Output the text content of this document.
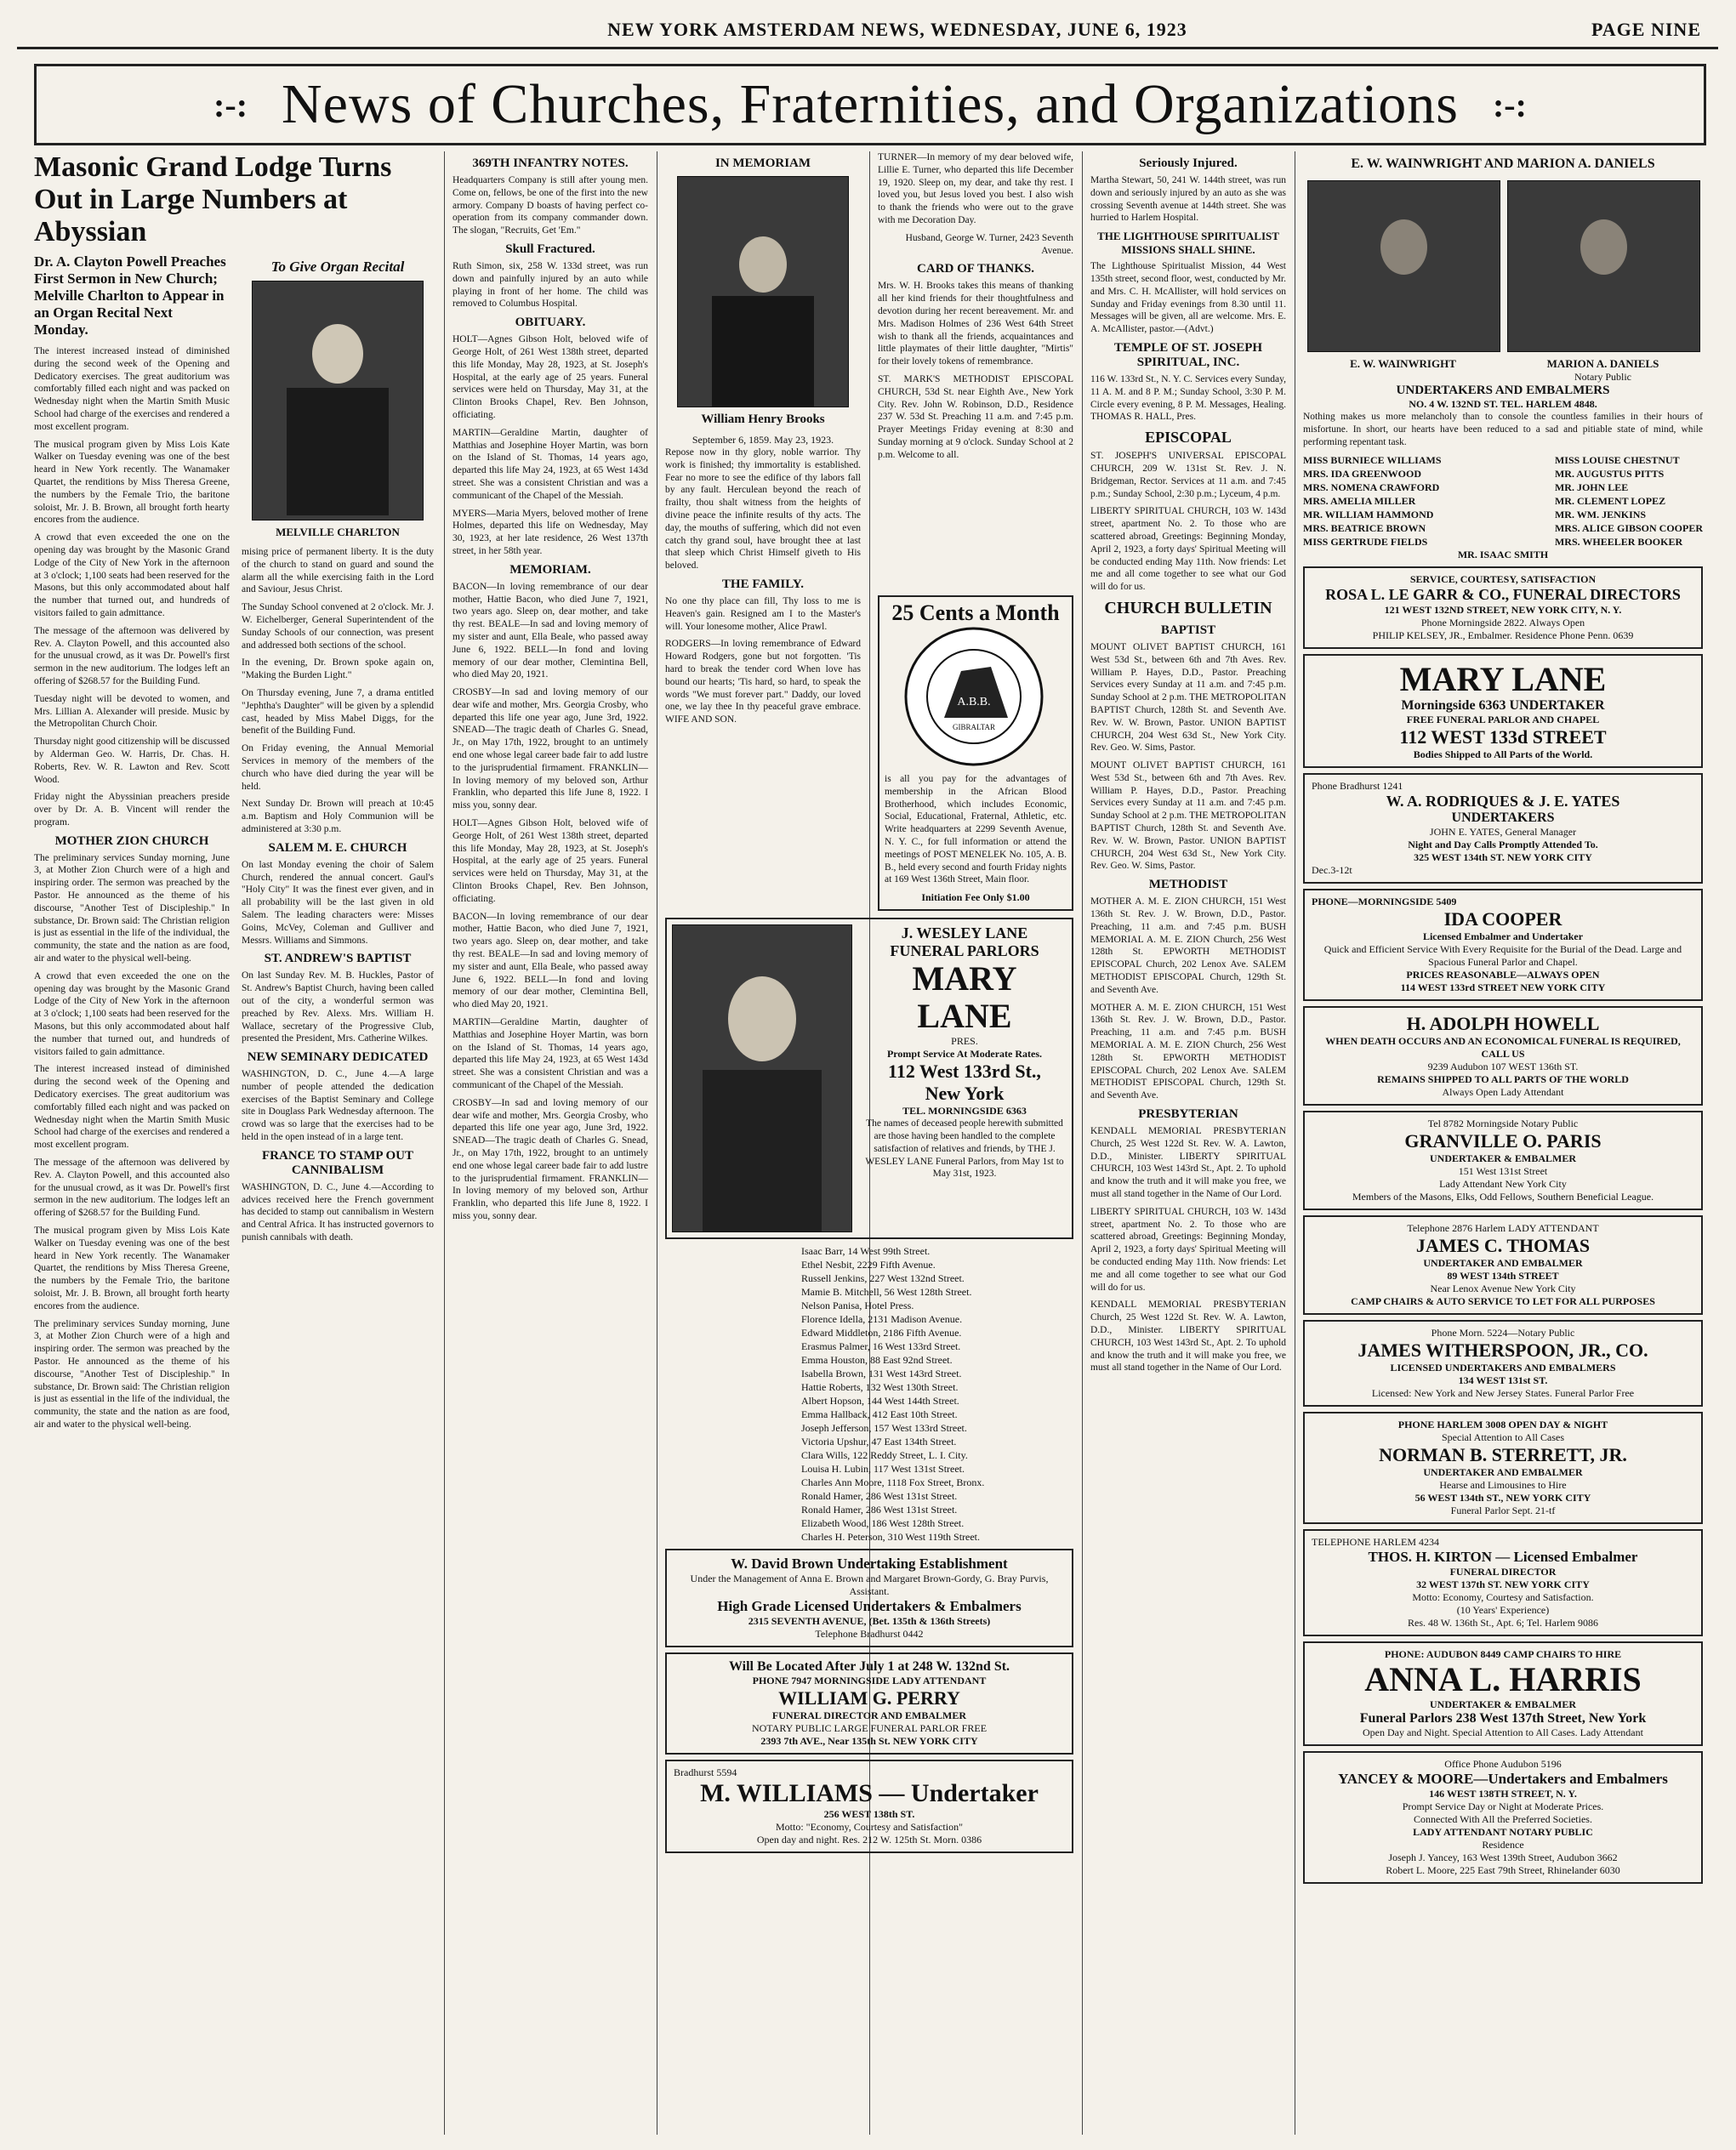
NEW YORK AMSTERDAM NEWS, WEDNESDAY, JUNE 6, 1923	PAGE NINE
:-: News of Churches, Fraternities, and Organizations :-:
Masonic Grand Lodge Turns Out in Large Numbers at Abyssian
Dr. A. Clayton Powell Preaches First Sermon in New Church; Melville Charlton to Appear in an Organ Recital Next Monday.

The interest increased instead of diminished during the second week of the Opening and Dedicatory exercises. The great auditorium was comfortably filled each night and was packed on Wednesday night when the Martin Smith Music School had charge of the exercises and rendered a most excellent program.

The musical program given by Miss Lois Kate Walker on Tuesday evening was one of the best heard in New York recently. The Wanamaker Quartet, the renditions by Miss Theresa Greene, the numbers by the Female Trio, the baritone soloist, Mr. J. B. Brown, all brought forth hearty encores from the audience.

A crowd that even exceeded the one on the opening day was brought by the Masonic Grand Lodge of the City of New York in the afternoon at 3 o'clock; 1,100 seats had been reserved for the Masons, but this only accommodated about half the number that turned out, and hundreds of visitors failed to gain admittance.

The message of the afternoon was delivered by Rev. A. Clayton Powell, and this accounted also for the unusual crowd, as it was Dr. Powell's first sermon in the new auditorium. The lodges left an offering of $268.57 for the Building Fund.

Tuesday night will be devoted to women, and Mrs. Lillian A. Alexander will preside. Music by the Metropolitan Church Choir.

Thursday night good citizenship will be discussed by Alderman Geo. W. Harris, Dr. Chas. H. Roberts, Rev. W. R. Lawton and Rev. Scott Wood.

Friday night the Abyssinian preachers preside over by Dr. A. B. Vincent will render the program.

MOTHER ZION CHURCH

The preliminary services Sunday morning, June 3, at Mother Zion Church were of a high and inspiring order. The sermon was preached by the Pastor. He announced as the theme of his discourse, "Another Test of Discipleship." In substance, Dr. Brown said: The Christian religion is just as essential in the life of the individual, the community, the state and the nation as are food, air and water to the physical well-being.

A crowd that even exceeded the one on the opening day was brought by the Masonic Grand Lodge of the City of New York in the afternoon at 3 o'clock; 1,100 seats had been reserved for the Masons, but this only accommodated about half the number that turned out, and hundreds of visitors failed to gain admittance.

The interest increased instead of diminished during the second week of the Opening and Dedicatory exercises. The great auditorium was comfortably filled each night and was packed on Wednesday night when the Martin Smith Music School had charge of the exercises and rendered a most excellent program.

The message of the afternoon was delivered by Rev. A. Clayton Powell, and this accounted also for the unusual crowd, as it was Dr. Powell's first sermon in the new auditorium. The lodges left an offering of $268.57 for the Building Fund.

The musical program given by Miss Lois Kate Walker on Tuesday evening was one of the best heard in New York recently. The Wanamaker Quartet, the renditions by Miss Theresa Greene, the numbers by the Female Trio, the baritone soloist, Mr. J. B. Brown, all brought forth hearty encores from the audience.

The preliminary services Sunday morning, June 3, at Mother Zion Church were of a high and inspiring order. The sermon was preached by the Pastor. He announced as the theme of his discourse, "Another Test of Discipleship." In substance, Dr. Brown said: The Christian religion is just as essential in the life of the individual, the community, the state and the nation as are food, air and water to the physical well-being.

To Give Organ Recital
MELVILLE CHARLTON

mising price of permanent liberty. It is the duty of the church to stand on guard and sound the alarm all the while exercising faith in the Lord and Saviour, Jesus Christ.

The Sunday School convened at 2 o'clock. Mr. J. W. Eichelberger, General Superintendent of the Sunday Schools of our connection, was present and addressed both sections of the school.

In the evening, Dr. Brown spoke again on, "Making the Burden Light."

On Thursday evening, June 7, a drama entitled "Jephtha's Daughter" will be given by a splendid cast, headed by Miss Mabel Diggs, for the benefit of the Building Fund.

On Friday evening, the Annual Memorial Services in memory of the members of the church who have died during the year will be held.

Next Sunday Dr. Brown will preach at 10:45 a.m. Baptism and Holy Communion will be administered at 3:30 p.m.

SALEM M. E. CHURCH

On last Monday evening the choir of Salem Church, rendered the annual concert. Gaul's "Holy City" It was the finest ever given, and in all probability will be the last given in old Salem. The leading characters were: Misses Goins, McVey, Coleman and Gulliver and Messrs. Williams and Simmons.

ST. ANDREW'S BAPTIST

On last Sunday Rev. M. B. Huckles, Pastor of St. Andrew's Baptist Church, having been called out of the city, a wonderful sermon was preached by Rev. Alexs. Mrs. William H. Wallace, secretary of the Progressive Club, presented the President, Mrs. Catherine Wilkes.

NEW SEMINARY DEDICATED

WASHINGTON, D. C., June 4.—A large number of people attended the dedication exercises of the Baptist Seminary and College site in Douglass Park Wednesday afternoon. The crowd was so large that the exercises had to be held in the open instead of in a large tent.

FRANCE TO STAMP OUT CANNIBALISM

WASHINGTON, D. C., June 4.—According to advices received here the French government has decided to stamp out cannibalism in Western and Central Africa. It has instructed governors to punish cannibals with death.

369TH INFANTRY NOTES.

Headquarters Company is still after young men. Come on, fellows, be one of the first into the new armory. Company D boasts of having perfect co-operation from its company commander down. The slogan, "Recruits, Get 'Em."

Skull Fractured.

Ruth Simon, six, 258 W. 133d street, was run down and painfully injured by an auto while playing in front of her home. The child was removed to Columbus Hospital.

OBITUARY.

HOLT—Agnes Gibson Holt, beloved wife of George Holt, of 261 West 138th street, departed this life Monday, May 28, 1923, at St. Joseph's Hospital, at the early age of 25 years. Funeral services were held on Thursday, May 31, at the Clinton Brooks Chapel, Rev. Ben Johnson, officiating.

MARTIN—Geraldine Martin, daughter of Matthias and Josephine Hoyer Martin, was born on the Island of St. Thomas, 14 years ago, departed this life May 24, 1923, at 65 West 143d street. She was a consistent Christian and was a communicant of the Chapel of the Messiah.

MYERS—Maria Myers, beloved mother of Irene Holmes, departed this life on Wednesday, May 30, 1923, at her late residence, 26 West 137th street, in her 58th year.

MEMORIAM.

BACON—In loving remembrance of our dear mother, Hattie Bacon, who died June 7, 1921, two years ago. Sleep on, dear mother, and take thy rest. BEALE—In sad and loving memory of my sister and aunt, Ella Beale, who passed away June 6, 1922. BELL—In fond and loving memory of our dear mother, Clemintina Bell, who died May 20, 1921.

CROSBY—In sad and loving memory of our dear wife and mother, Mrs. Georgia Crosby, who departed this life one year ago, June 3rd, 1922. SNEAD—The tragic death of Charles G. Snead, Jr., on May 17th, 1922, brought to an untimely end one whose legal career bade fair to add lustre to the jurisprudential firmament. FRANKLIN—In loving memory of my beloved son, Arthur Franklin, who departed this life June 8, 1922. I miss you, sonny dear.

HOLT—Agnes Gibson Holt, beloved wife of George Holt, of 261 West 138th street, departed this life Monday, May 28, 1923, at St. Joseph's Hospital, at the early age of 25 years. Funeral services were held on Thursday, May 31, at the Clinton Brooks Chapel, Rev. Ben Johnson, officiating.

BACON—In loving remembrance of our dear mother, Hattie Bacon, who died June 7, 1921, two years ago. Sleep on, dear mother, and take thy rest. BEALE—In sad and loving memory of my sister and aunt, Ella Beale, who passed away June 6, 1922. BELL—In fond and loving memory of our dear mother, Clemintina Bell, who died May 20, 1921.

MARTIN—Geraldine Martin, daughter of Matthias and Josephine Hoyer Martin, was born on the Island of St. Thomas, 14 years ago, departed this life May 24, 1923, at 65 West 143d street. She was a consistent Christian and was a communicant of the Chapel of the Messiah.

CROSBY—In sad and loving memory of our dear wife and mother, Mrs. Georgia Crosby, who departed this life one year ago, June 3rd, 1922. SNEAD—The tragic death of Charles G. Snead, Jr., on May 17th, 1922, brought to an untimely end one whose legal career bade fair to add lustre to the jurisprudential firmament. FRANKLIN—In loving memory of my beloved son, Arthur Franklin, who departed this life June 8, 1922. I miss you, sonny dear.

IN MEMORIAM
William Henry Brooks
September 6, 1859. May 23, 1923.

Repose now in thy glory, noble warrior. Thy work is finished; thy immortality is established. Fear no more to see the edifice of thy labors fall by any fault. Herculean beyond the reach of frailty, thou shalt witness from the heights of divine peace the infinite results of thy acts. The day, the mouths of suffering, which did not even catch thy grand soul, have brought thee at last that sleep which Christ Himself giveth to His beloved.

THE FAMILY.

TURNER—In memory of my dear beloved wife, Lillie E. Turner, who departed this life December 19, 1920. Sleep on, my dear, and take thy rest. I loved you, but Jesus loved you best. I also wish to thank the friends who were out to the grave with me Decoration Day.

Husband, George W. Turner, 2423 Seventh Avenue.

CARD OF THANKS.

Mrs. W. H. Brooks takes this means of thanking all her kind friends for their thoughtfulness and devotion during her recent bereavement. Mr. and Mrs. Madison Holmes of 236 West 64th Street wish to thank all the friends, acquaintances and little playmates of their little daughter, "Mirtis" for their lovely tokens of remembrance.

ST. MARK'S METHODIST EPISCOPAL CHURCH, 53d St. near Eighth Ave., New York City. Rev. John W. Robinson, D.D., Residence 237 W. 53d St. Preaching 11 a.m. and 7:45 p.m. Prayer Meetings Friday evening at 8:30 and Sunday morning at 9 o'clock. Sunday School at 2 p.m. Welcome to all.

No one thy place can fill, Thy loss to me is Heaven's gain. Resigned am I to the Master's will. Your lonesome mother, Alice Prawl.

RODGERS—In loving remembrance of Edward Howard Rodgers, gone but not forgotten. 'Tis hard to break the tender cord When love has bound our hearts; 'Tis hard, so hard, to speak the words "We must forever part." Daddy, our loved one, we lay thee In thy peaceful grave embrace. WIFE AND SON.

25 Cents a Month
A.B.B.
GIBRALTAR

is all you pay for the advantages of membership in the African Blood Brotherhood, which includes Economic, Social, Educational, Fraternal, Athletic, etc. Write headquarters at 2299 Seventh Avenue, N. Y. C., for full information or attend the meetings of POST MENELEK No. 105, A. B. B., held every second and fourth Friday nights at 169 West 136th Street, Main floor.

Initiation Fee Only $1.00
J. WESLEY LANE
FUNERAL PARLORS
MARY LANE
PRES.
Prompt Service At Moderate Rates.
112 West 133rd St.,
New York
TEL. MORNINGSIDE 6363

The names of deceased people herewith submitted are those having been handled to the complete satisfaction of relatives and friends, by THE J. WESLEY LANE Funeral Parlors, from May 1st to May 31st, 1923.

Isaac Barr, 14 West 99th Street.
Ethel Nesbit, 2229 Fifth Avenue.
Russell Jenkins, 227 West 132nd Street.
Mamie B. Mitchell, 56 West 128th Street.
Nelson Panisa, Hotel Press.
Florence Idella, 2131 Madison Avenue.
Edward Middleton, 2186 Fifth Avenue.
Erasmus Palmer, 16 West 133rd Street.
Emma Houston, 88 East 92nd Street.
Isabella Brown, 131 West 143rd Street.
Hattie Roberts, 132 West 130th Street.
Albert Hopson, 144 West 144th Street.
Emma Hallback, 412 East 10th Street.
Joseph Jefferson, 157 West 133rd Street.
Victoria Upshur, 47 East 134th Street.
Clara Wills, 122 Reddy Street, L. I. City.
Louisa H. Lubin, 117 West 131st Street.
Charles Ann Moore, 1118 Fox Street, Bronx.
Ronald Hamer, 286 West 131st Street.
Ronald Hamer, 286 West 131st Street.
Elizabeth Wood, 186 West 128th Street.
Charles H. Peterson, 310 West 119th Street.
W. David Brown Undertaking Establishment
Under the Management of Anna E. Brown and Margaret Brown-Gordy, G. Bray Purvis, Assistant.
High Grade Licensed Undertakers & Embalmers
2315 SEVENTH AVENUE, (Bet. 135th & 136th Streets)
Telephone Bradhurst 0442
Will Be Located After July 1 at 248 W. 132nd St.
PHONE 7947 MORNINGSIDE LADY ATTENDANT
WILLIAM G. PERRY
FUNERAL DIRECTOR AND EMBALMER
NOTARY PUBLIC LARGE FUNERAL PARLOR FREE
2393 7th AVE., Near 135th St. NEW YORK CITY
Bradhurst 5594
M. WILLIAMS — Undertaker
256 WEST 138th ST.
Motto: "Economy, Courtesy and Satisfaction"
Open day and night. Res. 212 W. 125th St. Morn. 0386
Seriously Injured.

Martha Stewart, 50, 241 W. 144th street, was run down and seriously injured by an auto as she was crossing Seventh avenue at 144th street. She was hurried to Harlem Hospital.

THE LIGHTHOUSE SPIRITUALIST MISSIONS SHALL SHINE.

The Lighthouse Spiritualist Mission, 44 West 135th street, second floor, west, conducted by Mr. and Mrs. C. H. McAllister, will hold services on Sunday and Friday evenings from 8.30 until 11. Messages will be given, all are welcome. Mrs. E. A. McAllister, pastor.—(Advt.)

TEMPLE OF ST. JOSEPH SPIRITUAL, INC.

116 W. 133rd St., N. Y. C. Services every Sunday, 11 A. M. and 8 P. M.; Sunday School, 3:30 P. M. Circle every evening, 8 P. M. Messages, Healing. THOMAS R. HALL, Pres.

EPISCOPAL

ST. JOSEPH'S UNIVERSAL EPISCOPAL CHURCH, 209 W. 131st St. Rev. J. N. Bridgeman, Rector. Services at 11 a.m. and 7:45 p.m.; Sunday School, 2:30 p.m.; Lyceum, 4 p.m.

LIBERTY SPIRITUAL CHURCH, 103 W. 143d street, apartment No. 2. To those who are scattered abroad, Greetings: Beginning Monday, April 2, 1923, a forty days' Spiritual Meeting will be conducted ending May 11th. Now friends: Let me and all come together to see what our God will do for us.

CHURCH BULLETIN
BAPTIST

MOUNT OLIVET BAPTIST CHURCH, 161 West 53d St., between 6th and 7th Aves. Rev. William P. Hayes, D.D., Pastor. Preaching Services every Sunday at 11 a.m. and 7:45 p.m. Sunday School at 2 p.m. THE METROPOLITAN BAPTIST Church, 128th St. and Seventh Ave. Rev. W. W. Brown, Pastor. UNION BAPTIST CHURCH, 204 West 63d St., New York City. Rev. Geo. W. Sims, Pastor.

MOUNT OLIVET BAPTIST CHURCH, 161 West 53d St., between 6th and 7th Aves. Rev. William P. Hayes, D.D., Pastor. Preaching Services every Sunday at 11 a.m. and 7:45 p.m. Sunday School at 2 p.m. THE METROPOLITAN BAPTIST Church, 128th St. and Seventh Ave. Rev. W. W. Brown, Pastor. UNION BAPTIST CHURCH, 204 West 63d St., New York City. Rev. Geo. W. Sims, Pastor.

METHODIST

MOTHER A. M. E. ZION CHURCH, 151 West 136th St. Rev. J. W. Brown, D.D., Pastor. Preaching, 11 a.m. and 7:45 p.m. BUSH MEMORIAL A. M. E. ZION Church, 256 West 128th St. EPWORTH METHODIST EPISCOPAL Church, 202 Lenox Ave. SALEM METHODIST EPISCOPAL Church, 129th St. and Seventh Ave.

MOTHER A. M. E. ZION CHURCH, 151 West 136th St. Rev. J. W. Brown, D.D., Pastor. Preaching, 11 a.m. and 7:45 p.m. BUSH MEMORIAL A. M. E. ZION Church, 256 West 128th St. EPWORTH METHODIST EPISCOPAL Church, 202 Lenox Ave. SALEM METHODIST EPISCOPAL Church, 129th St. and Seventh Ave.

PRESBYTERIAN

KENDALL MEMORIAL PRESBYTERIAN Church, 25 West 122d St. Rev. W. A. Lawton, D.D., Minister. LIBERTY SPIRITUAL CHURCH, 103 West 143rd St., Apt. 2. To uphold and know the truth and it will make you free, we must all stand together in the Name of Our Lord.

LIBERTY SPIRITUAL CHURCH, 103 W. 143d street, apartment No. 2. To those who are scattered abroad, Greetings: Beginning Monday, April 2, 1923, a forty days' Spiritual Meeting will be conducted ending May 11th. Now friends: Let me and all come together to see what our God will do for us.

KENDALL MEMORIAL PRESBYTERIAN Church, 25 West 122d St. Rev. W. A. Lawton, D.D., Minister. LIBERTY SPIRITUAL CHURCH, 103 West 143rd St., Apt. 2. To uphold and know the truth and it will make you free, we must all stand together in the Name of Our Lord.

E. W. WAINWRIGHT AND MARION A. DANIELS
E. W. WAINWRIGHT	MARION A. DANIELS
Notary Public
UNDERTAKERS AND EMBALMERS
NO. 4 W. 132ND ST. TEL. HARLEM 4848.

Nothing makes us more melancholy than to console the countless families in their hours of misfortune. In short, our hearts have been reduced to a sad and pitiable state of mind, while performing repentant task.

MISS BURNIECE WILLIAMS
MRS. IDA GREENWOOD
MRS. NOMENA CRAWFORD
MRS. AMELIA MILLER
MR. WILLIAM HAMMOND
MRS. BEATRICE BROWN
MISS GERTRUDE FIELDS
MISS LOUISE CHESTNUT
MR. AUGUSTUS PITTS
MR. JOHN LEE
MR. CLEMENT LOPEZ
MR. WM. JENKINS
MRS. ALICE GIBSON COOPER
MRS. WHEELER BOOKER
MR. ISAAC SMITH
SERVICE, COURTESY, SATISFACTION
ROSA L. LE GARR & CO., FUNERAL DIRECTORS
121 WEST 132ND STREET, NEW YORK CITY, N. Y.
Phone Morningside 2822. Always Open
PHILIP KELSEY, JR., Embalmer. Residence Phone Penn. 0639
MARY LANE
Morningside 6363 UNDERTAKER
FREE FUNERAL PARLOR AND CHAPEL
112 WEST 133d STREET
Bodies Shipped to All Parts of the World.
Phone Bradhurst 1241
W. A. RODRIQUES & J. E. YATES
UNDERTAKERS
JOHN E. YATES, General Manager
Night and Day Calls Promptly Attended To.
325 WEST 134th ST. NEW YORK CITY
Dec.3-12t
PHONE—MORNINGSIDE 5409
IDA COOPER
Licensed Embalmer and Undertaker
Quick and Efficient Service With Every Requisite for the Burial of the Dead. Large and Spacious Funeral Parlor and Chapel.
PRICES REASONABLE—ALWAYS OPEN
114 WEST 133rd STREET NEW YORK CITY
H. ADOLPH HOWELL
WHEN DEATH OCCURS AND AN ECONOMICAL FUNERAL IS REQUIRED, CALL US
9239 Audubon 107 WEST 136th ST.
REMAINS SHIPPED TO ALL PARTS OF THE WORLD
Always Open Lady Attendant
Tel 8782 Morningside Notary Public
GRANVILLE O. PARIS
UNDERTAKER & EMBALMER
151 West 131st Street
Lady Attendant New York City
Members of the Masons, Elks, Odd Fellows, Southern Beneficial League.
Telephone 2876 Harlem LADY ATTENDANT
JAMES C. THOMAS
UNDERTAKER AND EMBALMER
89 WEST 134th STREET
Near Lenox Avenue New York City
CAMP CHAIRS & AUTO SERVICE TO LET FOR ALL PURPOSES
Phone Morn. 5224—Notary Public
JAMES WITHERSPOON, JR., CO.
LICENSED UNDERTAKERS AND EMBALMERS
134 WEST 131st ST.
Licensed: New York and New Jersey States. Funeral Parlor Free
PHONE HARLEM 3008 OPEN DAY & NIGHT
Special Attention to All Cases
NORMAN B. STERRETT, JR.
UNDERTAKER AND EMBALMER
Hearse and Limousines to Hire
56 WEST 134th ST., NEW YORK CITY
Funeral Parlor Sept. 21-tf
TELEPHONE HARLEM 4234
THOS. H. KIRTON — Licensed Embalmer
FUNERAL DIRECTOR
32 WEST 137th ST. NEW YORK CITY
Motto: Economy, Courtesy and Satisfaction.
(10 Years' Experience)
Res. 48 W. 136th St., Apt. 6; Tel. Harlem 9086
PHONE: AUDUBON 8449 CAMP CHAIRS TO HIRE
ANNA L. HARRIS
UNDERTAKER & EMBALMER
Funeral Parlors 238 West 137th Street, New York
Open Day and Night. Special Attention to All Cases. Lady Attendant
Office Phone Audubon 5196
YANCEY & MOORE—Undertakers and Embalmers
146 WEST 138TH STREET, N. Y.
Prompt Service Day or Night at Moderate Prices.
Connected With All the Preferred Societies.
LADY ATTENDANT NOTARY PUBLIC
Residence
Joseph J. Yancey, 163 West 139th Street, Audubon 3662
Robert L. Moore, 225 East 79th Street, Rhinelander 6030
